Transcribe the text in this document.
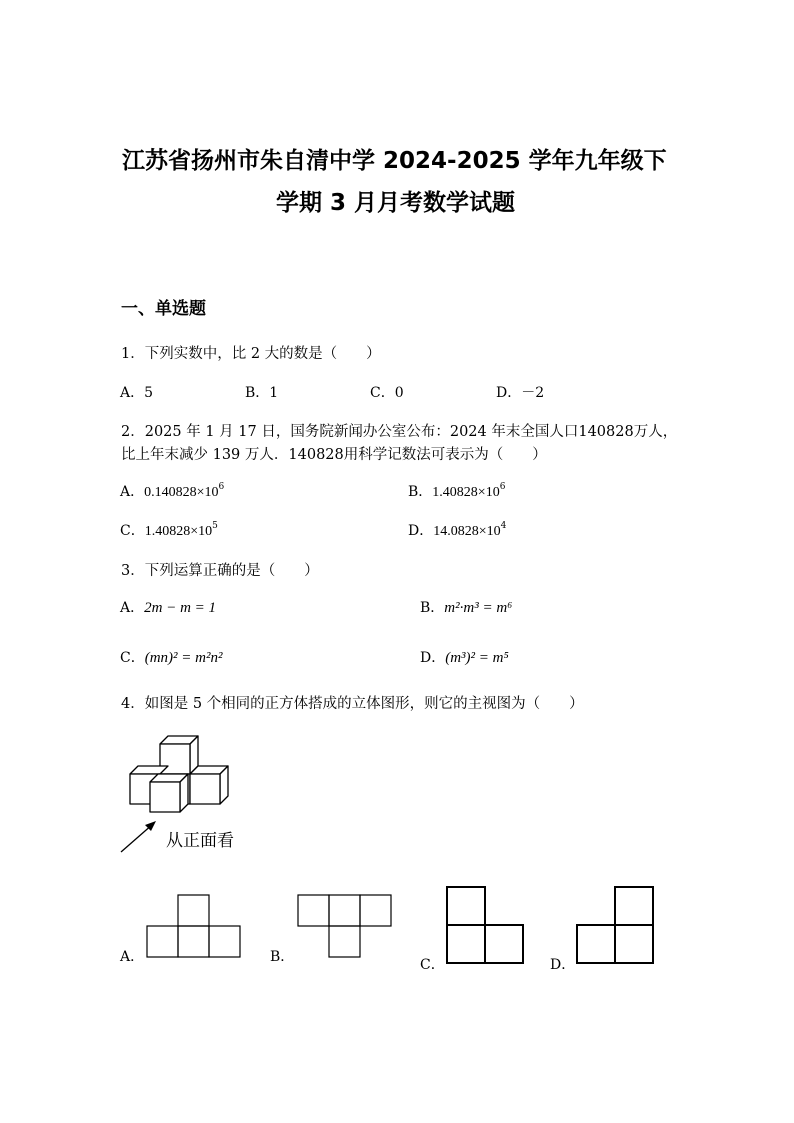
江苏省扬州市朱自清中学 2024-2025 学年九年级下
学期 3 月月考数学试题
一、单选题
1．下列实数中，比 2 大的数是（　　）
A．5	B．1	C．0	D．－2
2．2025 年 1 月 17 日，国务院新闻办公室公布：2024 年末全国人口140828万人，
比上年末减少 139 万人．140828用科学记数法可表示为（　　）
A．$0.140828\times 10^6$	B．$1.40828\times 10^6$
C．$1.40828\times 10^5$	D．$14.0828\times 10^4$
3．下列运算正确的是（　　）
A．2m − m = 1	B．m²·m³ = m⁶
C．(mn)² = m²n²	D．(m³)² = m⁵
4．如图是 5 个相同的正方体搭成的立体图形，则它的主视图为（　　）
从正面看
A．	B．	C．	D．
